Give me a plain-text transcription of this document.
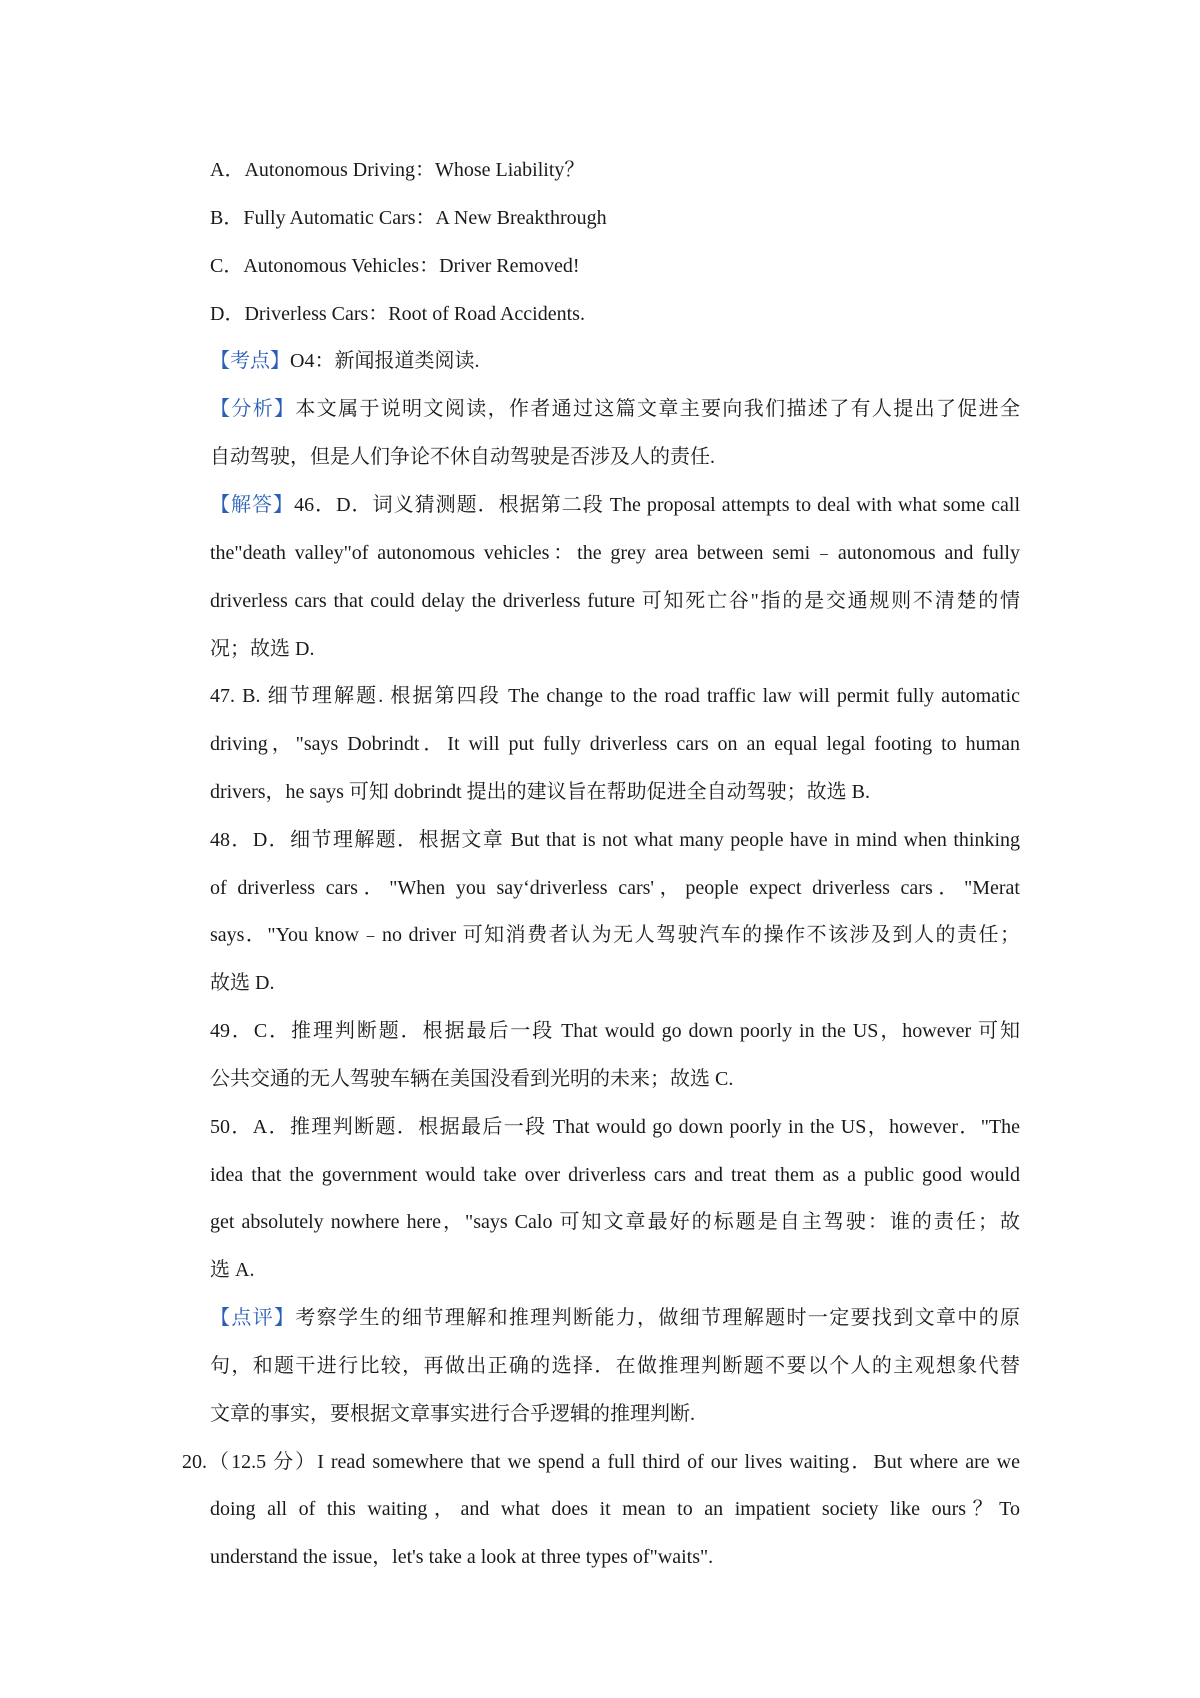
A．Autonomous Driving：Whose Liability？
B．Fully Automatic Cars：A New Breakthrough
C．Autonomous Vehicles：Driver Removed!
D．Driverless Cars：Root of Road Accidents.
【考点】O4：新闻报道类阅读.
【分析】本文属于说明文阅读，作者通过这篇文章主要向我们描述了有人提出了促进全
自动驾驶，但是人们争论不休自动驾驶是否涉及人的责任.
【解答】46．D．词义猜测题．根据第二段 The proposal attempts to deal with what some call
the"death valley"of autonomous vehicles：the grey area between semi﹣autonomous and fully
driverless cars that could delay the driverless future 可知死亡谷"指的是交通规则不清楚的情
况；故选 D.
47. B. 细节理解题. 根据第四段 The change to the road traffic law will permit fully automatic
driving，"says Dobrindt．It will put fully driverless cars on an equal legal footing to human
drivers，he says 可知 dobrindt 提出的建议旨在帮助促进全自动驾驶；故选 B.
48．D．细节理解题．根据文章 But that is not what many people have in mind when thinking
of driverless cars．"When you say‘driverless cars'，people expect driverless cars．"Merat
says．"You know﹣no driver 可知消费者认为无人驾驶汽车的操作不该涉及到人的责任；
故选 D.
49．C．推理判断题．根据最后一段 That would go down poorly in the US，however 可知
公共交通的无人驾驶车辆在美国没看到光明的未来；故选 C.
50．A．推理判断题．根据最后一段 That would go down poorly in the US，however．"The
idea that the government would take over driverless cars and treat them as a public good would
get absolutely nowhere here，"says Calo 可知文章最好的标题是自主驾驶：谁的责任；故
选 A.
【点评】考察学生的细节理解和推理判断能力，做细节理解题时一定要找到文章中的原
句，和题干进行比较，再做出正确的选择．在做推理判断题不要以个人的主观想象代替
文章的事实，要根据文章事实进行合乎逻辑的推理判断.
20.（12.5 分）I read somewhere that we spend a full third of our lives waiting．But where are we
doing all of this waiting，and what does it mean to an impatient society like ours？To
understand the issue，let's take a look at three types of"waits".
